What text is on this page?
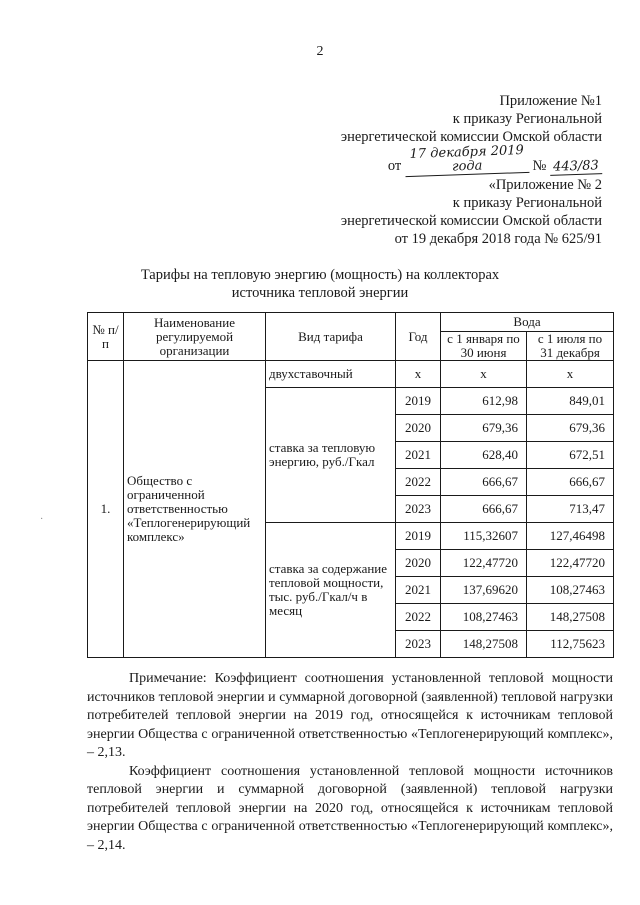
2
Приложение №1
к приказу Региональной
энергетической комиссии Омской области
от 17 декабря 2019 года	№ 443/83
«Приложение № 2
к приказу Региональной
энергетической комиссии Омской области
от 19 декабря 2018 года № 625/91
Тарифы на тепловую энергию (мощность) на коллекторах
источника тепловой энергии
№ п/п	Наименование регулируемой организации	Вид тарифа	Год	Вода	
				с 1 января по 30 июня	с 1 июля по 31 декабря
1.	Общество с ограниченной ответственностью «Теплогенерирующий комплекс»	двухставочный	x	x	x
		ставка за тепловую энергию, руб./Гкал	2019	612,98	849,01
			2020	679,36	679,36
			2021	628,40	672,51
			2022	666,67	666,67
			2023	666,67	713,47
		ставка за содержание тепловой мощности, тыс. руб./Гкал/ч в месяц	2019	115,32607	127,46498
			2020	122,47720	122,47720
			2021	137,69620	108,27463
			2022	108,27463	148,27508
			2023	148,27508	112,75623

Примечание: Коэффициент соотношения установленной тепловой мощности источников тепловой энергии и суммарной договорной (заявленной) тепловой нагрузки потребителей тепловой энергии на 2019 год, относящейся к источникам тепловой энергии Общества с ограниченной ответственностью «Теплогенерирующий комплекс», – 2,13.

Коэффициент соотношения установленной тепловой мощности источников тепловой энергии и суммарной договорной (заявленной) тепловой нагрузки потребителей тепловой энергии на 2020 год, относящейся к источникам тепловой энергии Общества с ограниченной ответственностью «Теплогенерирующий комплекс», – 2,14.

·
